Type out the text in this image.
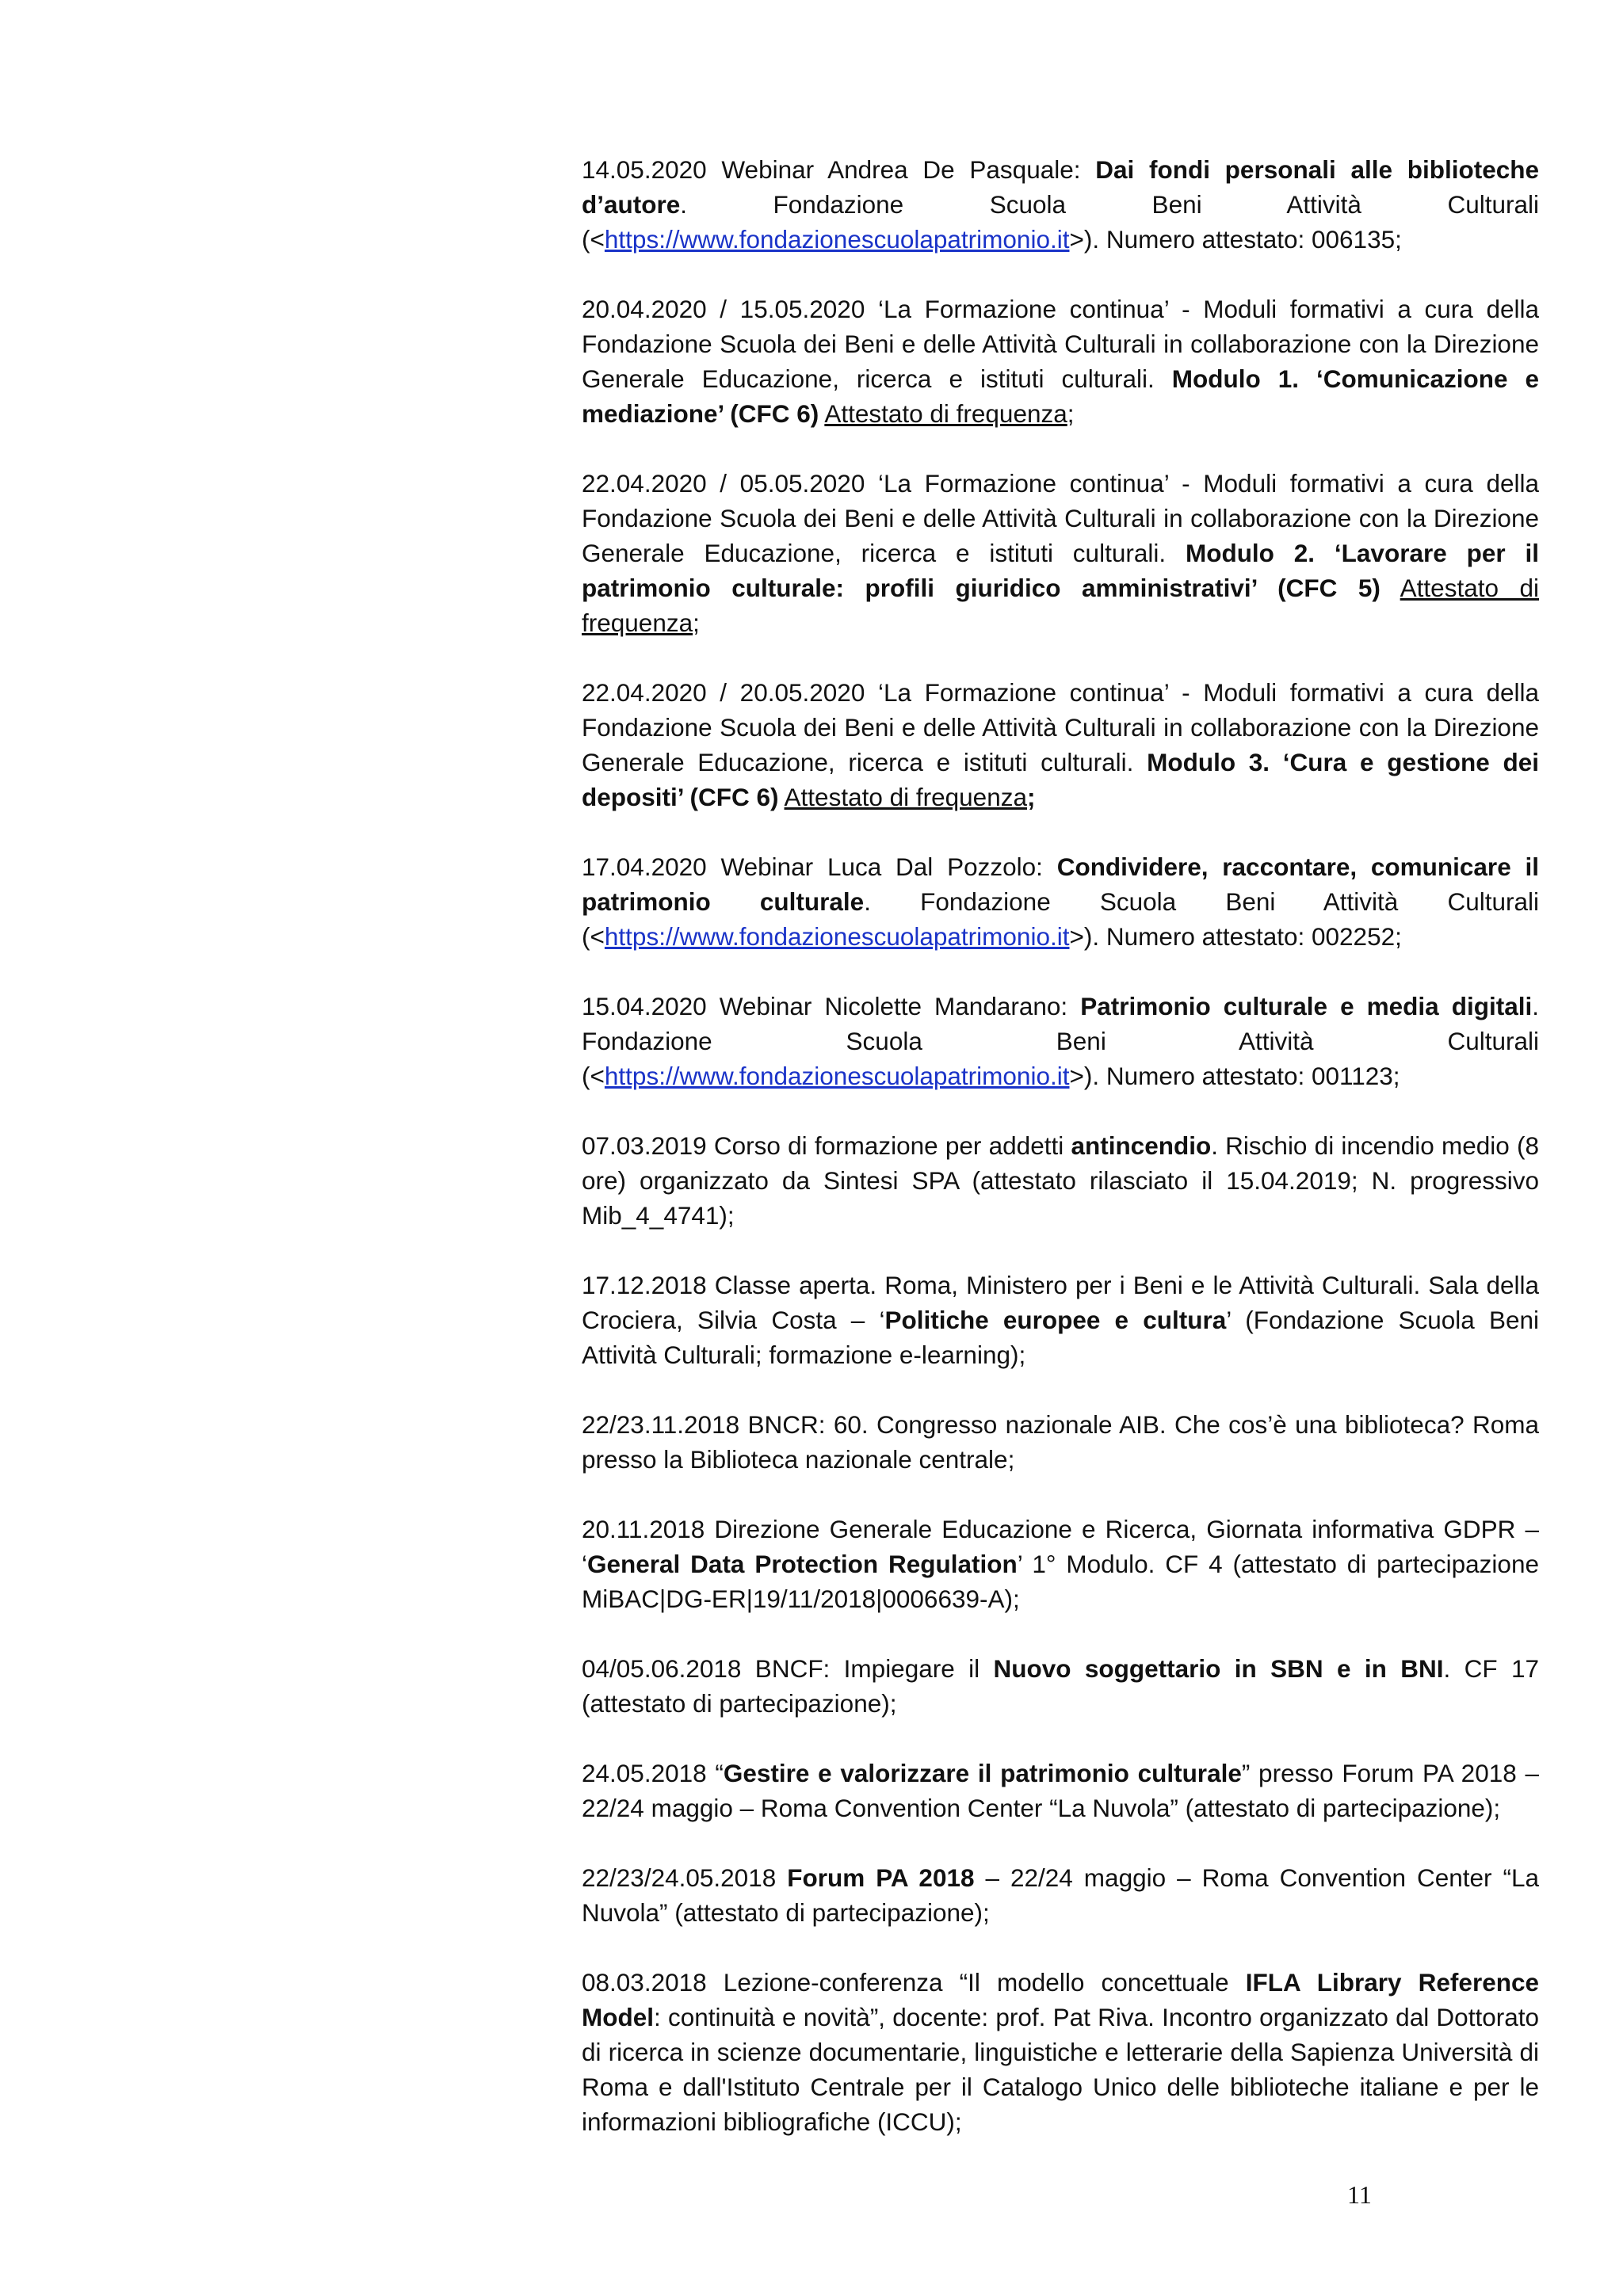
14.05.2020 Webinar Andrea De Pasquale: Dai fondi personali alle biblioteche d’autore. Fondazione Scuola Beni Attività Culturali (<https://www.fondazionescuolapatrimonio.it>). Numero attestato: 006135;

20.04.2020 / 15.05.2020 ‘La Formazione continua’ - Moduli formativi a cura della Fondazione Scuola dei Beni e delle Attività Culturali in collaborazione con la Direzione Generale Educazione, ricerca e istituti culturali. Modulo 1. ‘Comunicazione e mediazione’ (CFC 6) Attestato di frequenza;

22.04.2020 / 05.05.2020 ‘La Formazione continua’ - Moduli formativi a cura della Fondazione Scuola dei Beni e delle Attività Culturali in collaborazione con la Direzione Generale Educazione, ricerca e istituti culturali. Modulo 2. ‘Lavorare per il patrimonio culturale: profili giuridico amministrativi’ (CFC 5) Attestato di frequenza;

22.04.2020 / 20.05.2020 ‘La Formazione continua’ - Moduli formativi a cura della Fondazione Scuola dei Beni e delle Attività Culturali in collaborazione con la Direzione Generale Educazione, ricerca e istituti culturali. Modulo 3. ‘Cura e gestione dei depositi’ (CFC 6) Attestato di frequenza;

17.04.2020 Webinar Luca Dal Pozzolo: Condividere, raccontare, comunicare il patrimonio culturale. Fondazione Scuola Beni Attività Culturali (<https://www.fondazionescuolapatrimonio.it>). Numero attestato: 002252;

15.04.2020 Webinar Nicolette Mandarano: Patrimonio culturale e media digitali. Fondazione Scuola Beni Attività Culturali (<https://www.fondazionescuolapatrimonio.it>). Numero attestato: 001123;

07.03.2019 Corso di formazione per addetti antincendio. Rischio di incendio medio (8 ore) organizzato da Sintesi SPA (attestato rilasciato il 15.04.2019; N. progressivo Mib_4_4741);

17.12.2018 Classe aperta. Roma, Ministero per i Beni e le Attività Culturali. Sala della Crociera, Silvia Costa – ‘Politiche europee e cultura’ (Fondazione Scuola Beni Attività Culturali; formazione e-learning);

22/23.11.2018 BNCR: 60. Congresso nazionale AIB. Che cos’è una biblioteca? Roma presso la Biblioteca nazionale centrale;

20.11.2018 Direzione Generale Educazione e Ricerca, Giornata informativa GDPR – ‘General Data Protection Regulation’ 1° Modulo. CF 4 (attestato di partecipazione MiBAC|DG-ER|19/11/2018|0006639-A);

04/05.06.2018 BNCF: Impiegare il Nuovo soggettario in SBN e in BNI. CF 17 (attestato di partecipazione);

24.05.2018 “Gestire e valorizzare il patrimonio culturale” presso Forum PA 2018 – 22/24 maggio – Roma Convention Center “La Nuvola” (attestato di partecipazione);

22/23/24.05.2018 Forum PA 2018 – 22/24 maggio – Roma Convention Center “La Nuvola” (attestato di partecipazione);

08.03.2018 Lezione-conferenza “Il modello concettuale IFLA Library Reference Model: continuità e novità”, docente: prof. Pat Riva. Incontro organizzato dal Dottorato di ricerca in scienze documentarie, linguistiche e letterarie della Sapienza Università di Roma e dall'Istituto Centrale per il Catalogo Unico delle biblioteche italiane e per le informazioni bibliografiche (ICCU);

11
